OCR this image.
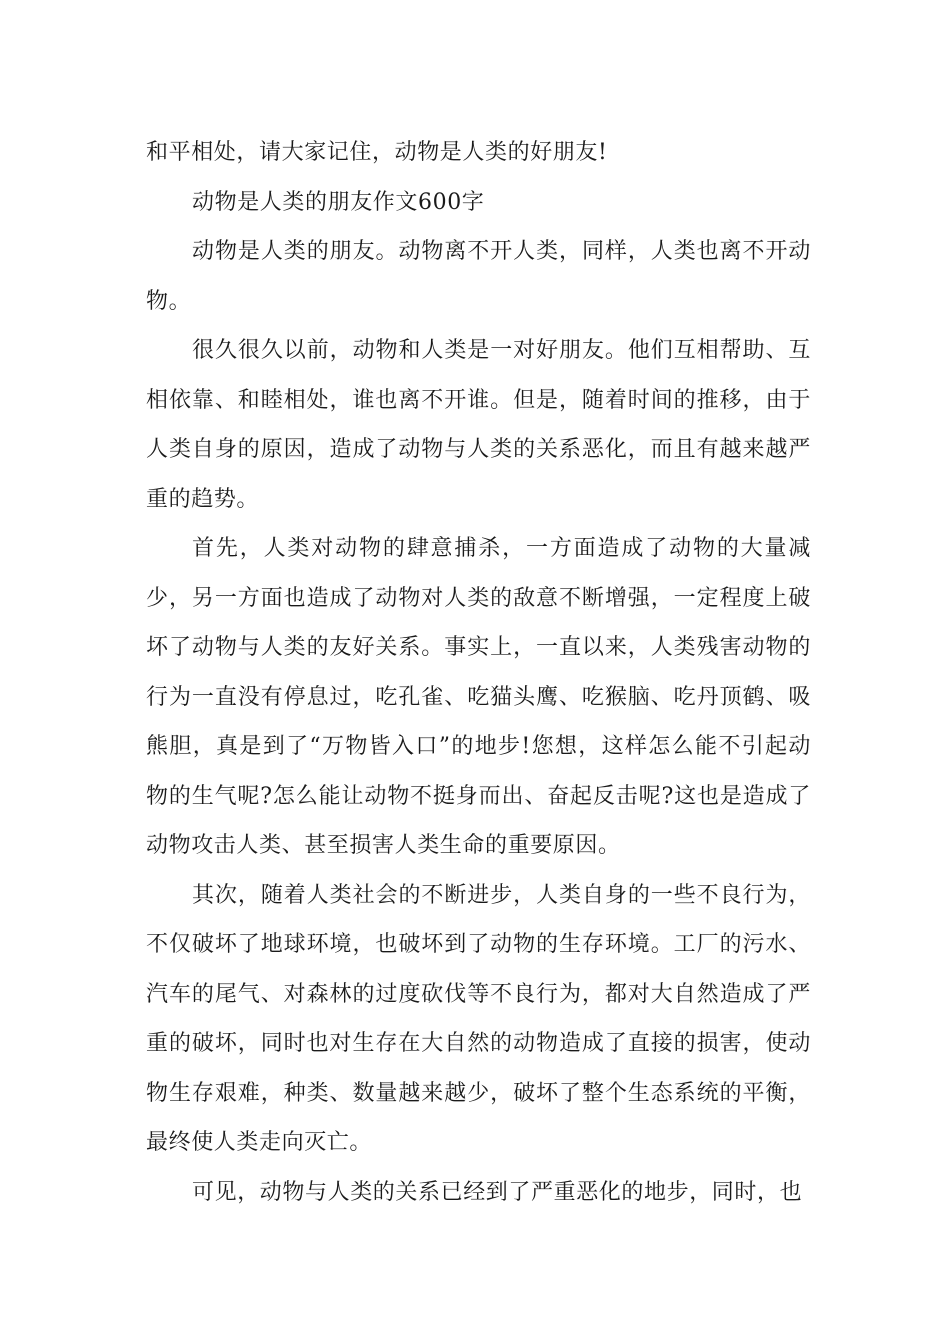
和平相处，请大家记住，动物是人类的好朋友!

动物是人类的朋友作文600字

动物是人类的朋友。动物离不开人类，同样，人类也离不开动物。

很久很久以前，动物和人类是一对好朋友。他们互相帮助、互相依靠、和睦相处，谁也离不开谁。但是，随着时间的推移，由于人类自身的原因，造成了动物与人类的关系恶化，而且有越来越严重的趋势。

首先，人类对动物的肆意捕杀，一方面造成了动物的大量减少，另一方面也造成了动物对人类的敌意不断增强，一定程度上破坏了动物与人类的友好关系。事实上，一直以来，人类残害动物的行为一直没有停息过，吃孔雀、吃猫头鹰、吃猴脑、吃丹顶鹤、吸熊胆，真是到了“万物皆入口”的地步!您想，这样怎么能不引起动物的生气呢?怎么能让动物不挺身而出、奋起反击呢?这也是造成了动物攻击人类、甚至损害人类生命的重要原因。

其次，随着人类社会的不断进步，人类自身的一些不良行为，不仅破坏了地球环境，也破坏到了动物的生存环境。工厂的污水、汽车的尾气、对森林的过度砍伐等不良行为，都对大自然造成了严重的破坏，同时也对生存在大自然的动物造成了直接的损害，使动物生存艰难，种类、数量越来越少，破坏了整个生态系统的平衡，最终使人类走向灭亡。

可见，动物与人类的关系已经到了严重恶化的地步，同时，也
